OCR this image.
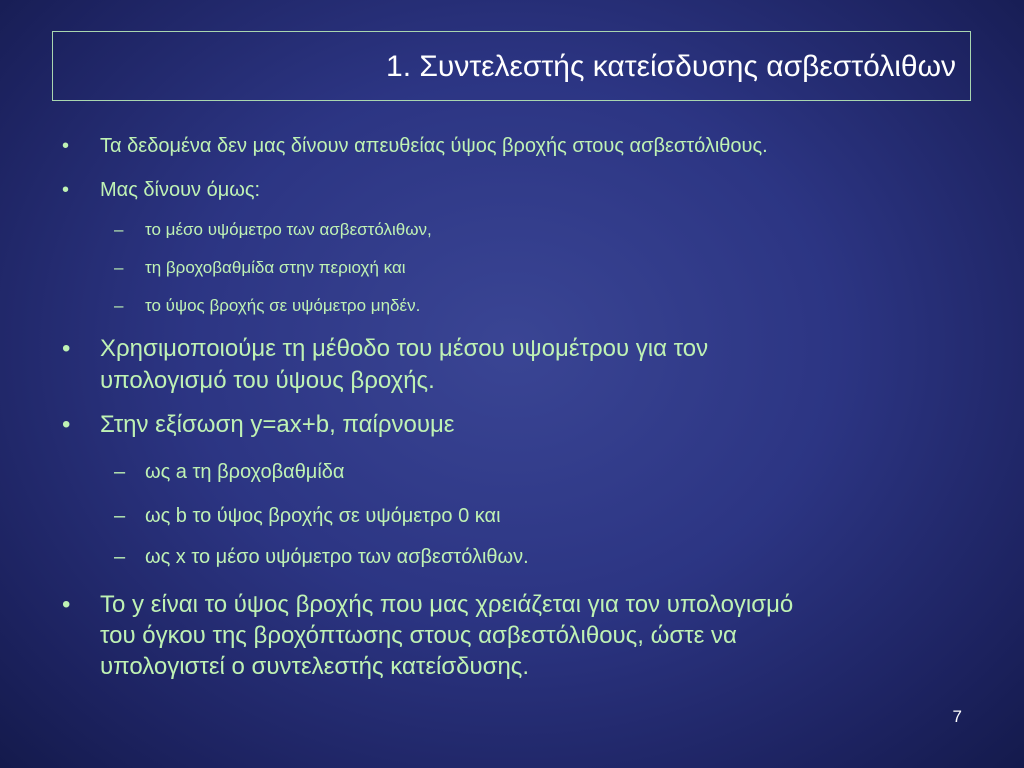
1. Συντελεστής κατείσδυσης ασβεστόλιθων
• Τα δεδομένα δεν μας δίνουν απευθείας ύψος βροχής στους ασβεστόλιθους.
• Μας δίνουν όμως:
– το μέσο υψόμετρο των ασβεστόλιθων,
– τη βροχοβαθμίδα στην περιοχή και
– το ύψος βροχής σε υψόμετρο μηδέν.
• Χρησιμοποιούμε τη μέθοδο του μέσου υψομέτρου για τον
υπολογισμό του ύψους βροχής.
• Στην εξίσωση y=ax+b, παίρνουμε
– ως a τη βροχοβαθμίδα
– ως b το ύψος βροχής σε υψόμετρο 0 και
– ως x το μέσο υψόμετρο των ασβεστόλιθων.
• Το y είναι το ύψος βροχής που μας χρειάζεται για τον υπολογισμό
του όγκου της βροχόπτωσης στους ασβεστόλιθους, ώστε να
υπολογιστεί ο συντελεστής κατείσδυσης.
7
